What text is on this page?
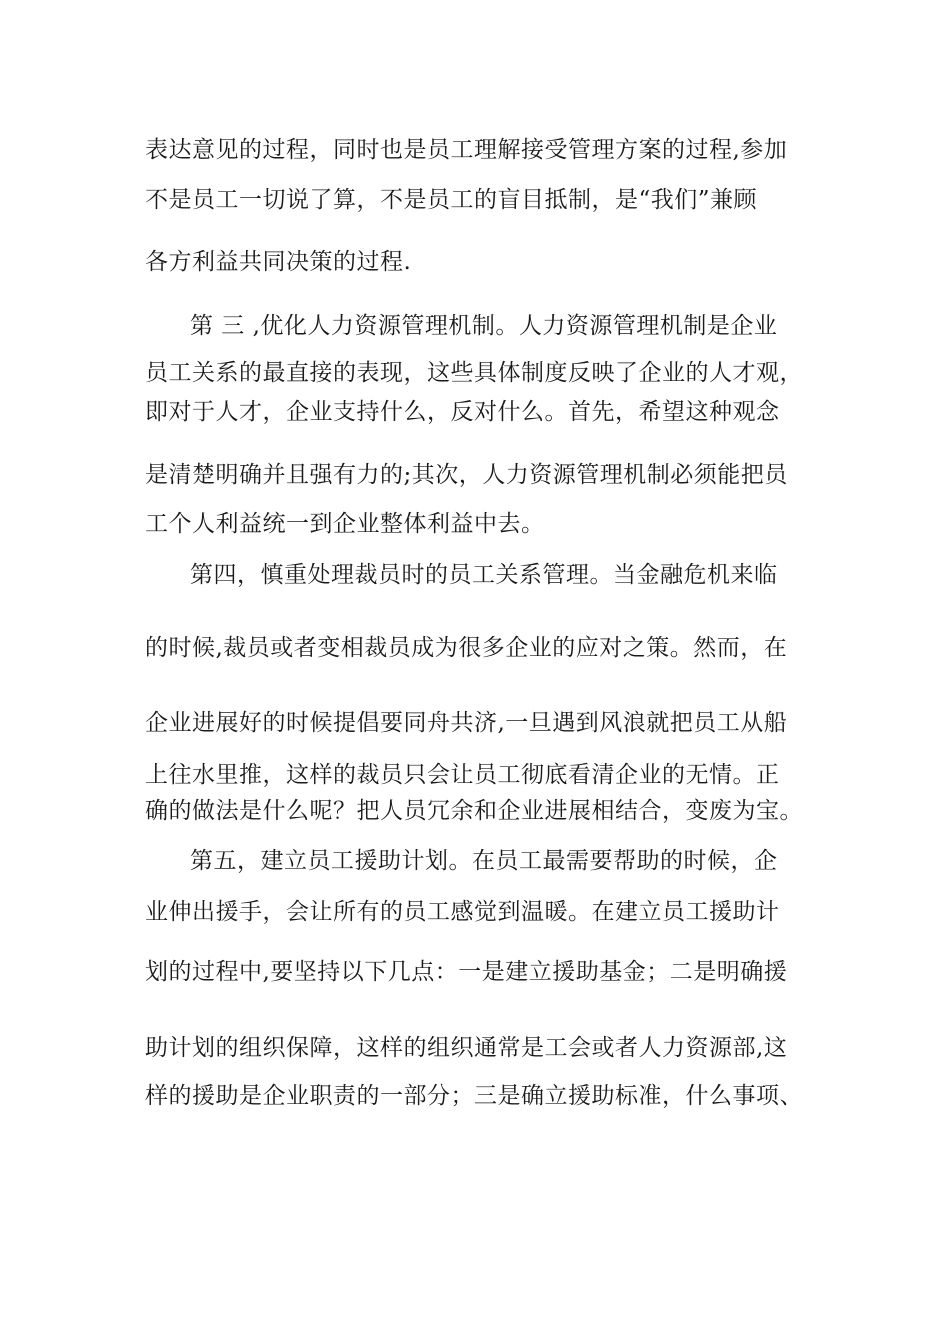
表达意见的过程，同时也是员工理解接受管理方案的过程,参加
不是员工一切说了算，不是员工的盲目抵制，是“我们”兼顾
各方利益共同决策的过程.
第 三 ,优化人力资源管理机制。人力资源管理机制是企业
员工关系的最直接的表现，这些具体制度反映了企业的人才观，
即对于人才，企业支持什么，反对什么。首先，希望这种观念
是清楚明确并且强有力的;其次，人力资源管理机制必须能把员
工个人利益统一到企业整体利益中去。
第四，慎重处理裁员时的员工关系管理。当金融危机来临
的时候,裁员或者变相裁员成为很多企业的应对之策。然而，在
企业进展好的时候提倡要同舟共济,一旦遇到风浪就把员工从船
上往水里推，这样的裁员只会让员工彻底看清企业的无情。正
确的做法是什么呢？把人员冗余和企业进展相结合，变废为宝。
第五，建立员工援助计划。在员工最需要帮助的时候，企
业伸出援手，会让所有的员工感觉到温暖。在建立员工援助计
划的过程中,要坚持以下几点：一是建立援助基金；二是明确援
助计划的组织保障，这样的组织通常是工会或者人力资源部,这
样的援助是企业职责的一部分；三是确立援助标准，什么事项、
